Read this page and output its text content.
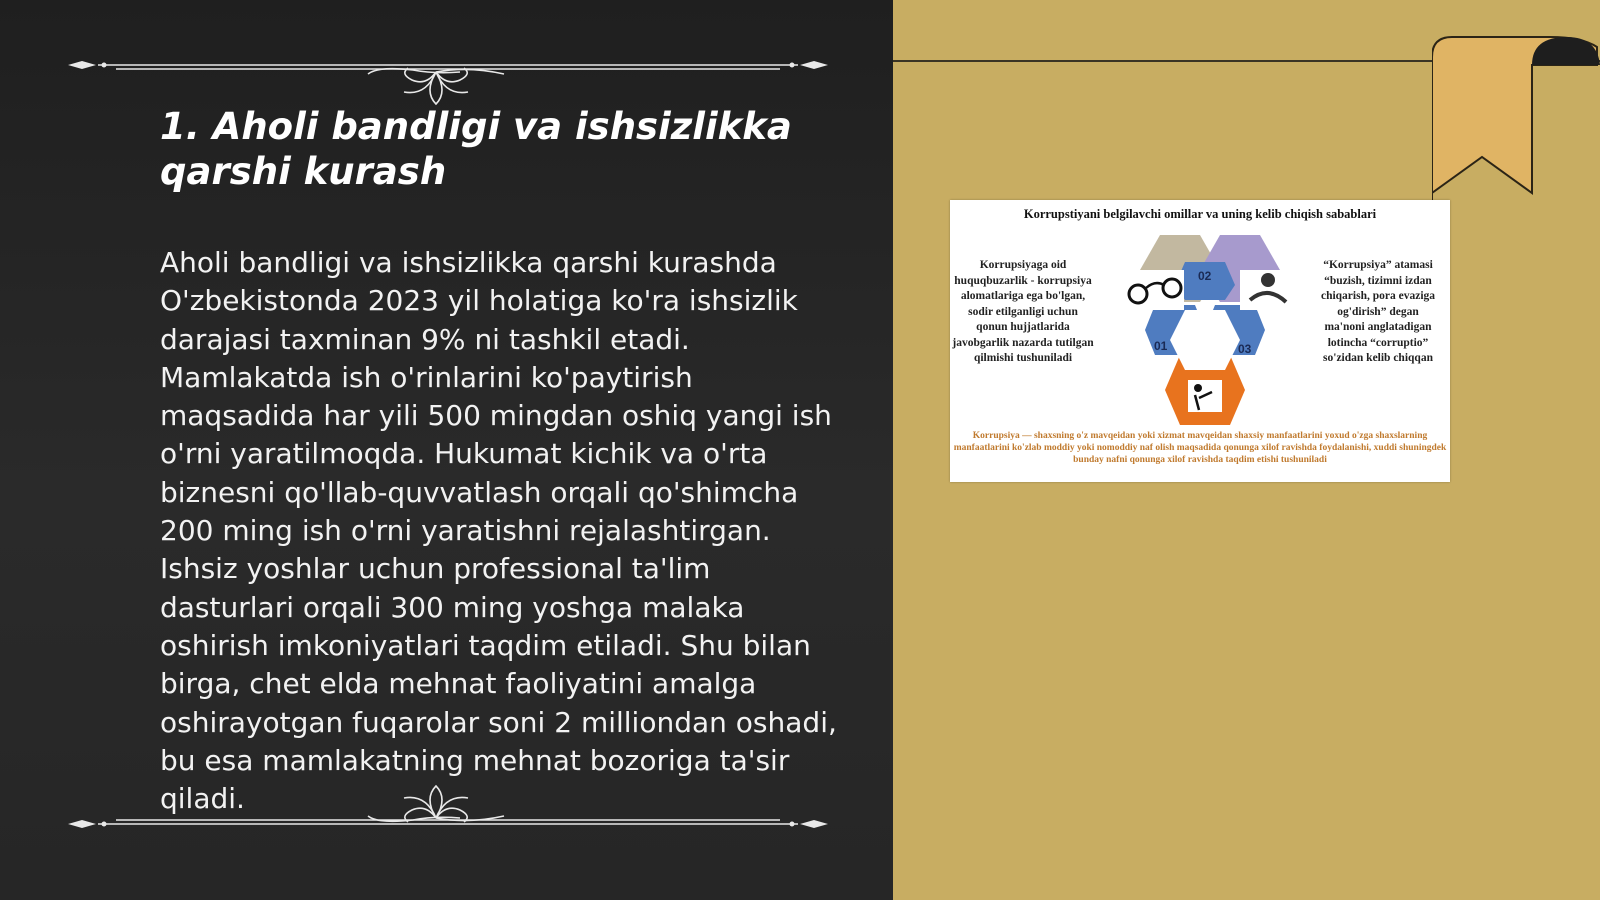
1. Aholi bandligi va ishsizlikka qarshi kurash

Aholi bandligi va ishsizlikka qarshi kurashda O'zbekistonda 2023 yil holatiga ko'ra ishsizlik darajasi taxminan 9% ni tashkil etadi. Mamlakatda ish o'rinlarini ko'paytirish maqsadida har yili 500 mingdan oshiq yangi ish o'rni yaratilmoqda. Hukumat kichik va o'rta biznesni qo'llab-quvvatlash orqali qo'shimcha 200 ming ish o'rni yaratishni rejalashtirgan. Ishsiz yoshlar uchun professional ta'lim dasturlari orqali 300 ming yoshga malaka oshirish imkoniyatlari taqdim etiladi. Shu bilan birga, chet elda mehnat faoliyatini amalga oshirayotgan fuqarolar soni 2 milliondan oshadi, bu esa mamlakatning mehnat bozoriga ta'sir qiladi.

Korrupstiyani belgilavchi omillar va uning kelib chiqish sabablari
Korrupsiyaga oid huquqbuzarlik - korrupsiya alomatlariga ega bo'lgan, sodir etilganligi uchun qonun hujjatlarida javobgarlik nazarda tutilgan qilmishi tushuniladi
“Korrupsiya” atamasi “buzish, tizimni izdan chiqarish, pora evaziga og'dirish” degan ma'noni anglatadigan lotincha “corruptio” so'zidan kelib chiqqan
02
01	03
Korrupsiya — shaxsning o'z mavqeidan yoki xizmat mavqeidan shaxsiy manfaatlarini yoxud o'zga shaxslarning manfaatlarini ko'zlab moddiy yoki nomoddiy naf olish maqsadida qonunga xilof ravishda foydalanishi, xuddi shuningdek bunday nafni qonunga xilof ravishda taqdim etishi tushuniladi
